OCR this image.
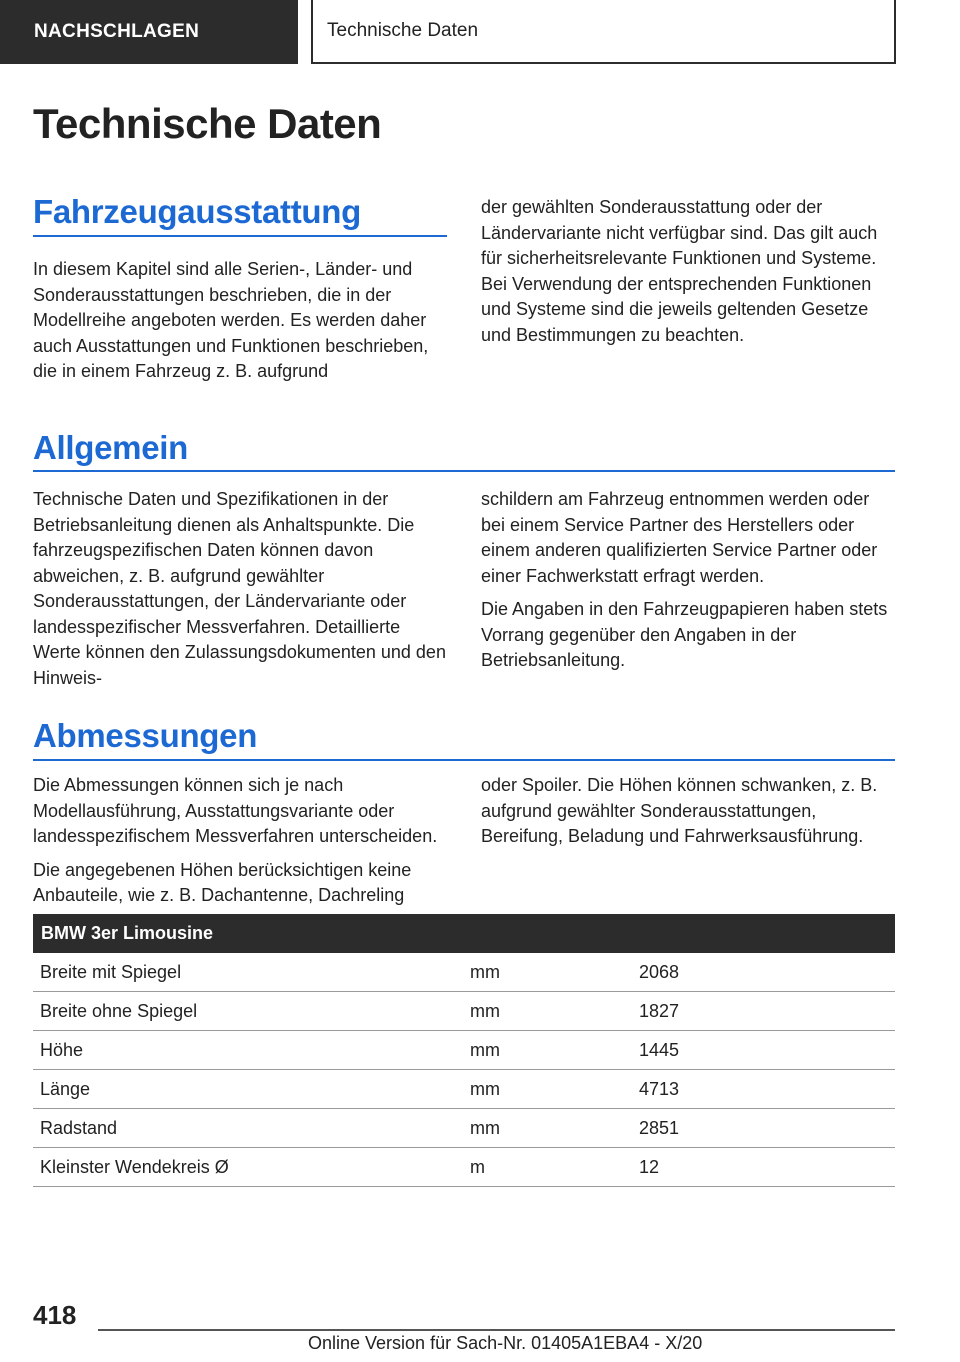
NACHSCHLAGEN	Technische Daten
Technische Daten
Fahrzeugausstattung

In diesem Kapitel sind alle Serien-, Länder- und Sonderausstattungen beschrieben, die in der Modellreihe angeboten werden. Es werden daher auch Ausstattungen und Funktionen beschrieben, die in einem Fahrzeug z. B. aufgrund

der gewählten Sonderausstattung oder der Ländervariante nicht verfügbar sind. Das gilt auch für sicherheitsrelevante Funktionen und Systeme. Bei Verwendung der entsprechenden Funktionen und Systeme sind die jeweils geltenden Gesetze und Bestimmungen zu beachten.

Allgemein

Technische Daten und Spezifikationen in der Betriebsanleitung dienen als Anhaltspunkte. Die fahrzeugspezifischen Daten können davon abweichen, z. B. aufgrund gewählter Sonderausstattungen, der Ländervariante oder landesspezifischer Messverfahren. Detaillierte Werte können den Zulassungsdokumenten und den Hinweis-

schildern am Fahrzeug entnommen werden oder bei einem Service Partner des Herstellers oder einem anderen qualifizierten Service Partner oder einer Fachwerkstatt erfragt werden.

Die Angaben in den Fahrzeugpapieren haben stets Vorrang gegenüber den Angaben in der Betriebsanleitung.

Abmessungen

Die Abmessungen können sich je nach Modellausführung, Ausstattungsvariante oder landesspezifischem Messverfahren unterscheiden.

Die angegebenen Höhen berücksichtigen keine Anbauteile, wie z. B. Dachantenne, Dachreling

oder Spoiler. Die Höhen können schwanken, z. B. aufgrund gewählter Sonderausstattungen, Bereifung, Beladung und Fahrwerksausführung.

BMW 3er Limousine		
Breite mit Spiegel	mm	2068
Breite ohne Spiegel	mm	1827
Höhe	mm	1445
Länge	mm	4713
Radstand	mm	2851
Kleinster Wendekreis Ø	m	12
418
Online Version für Sach-Nr. 01405A1EBA4 - X/20
